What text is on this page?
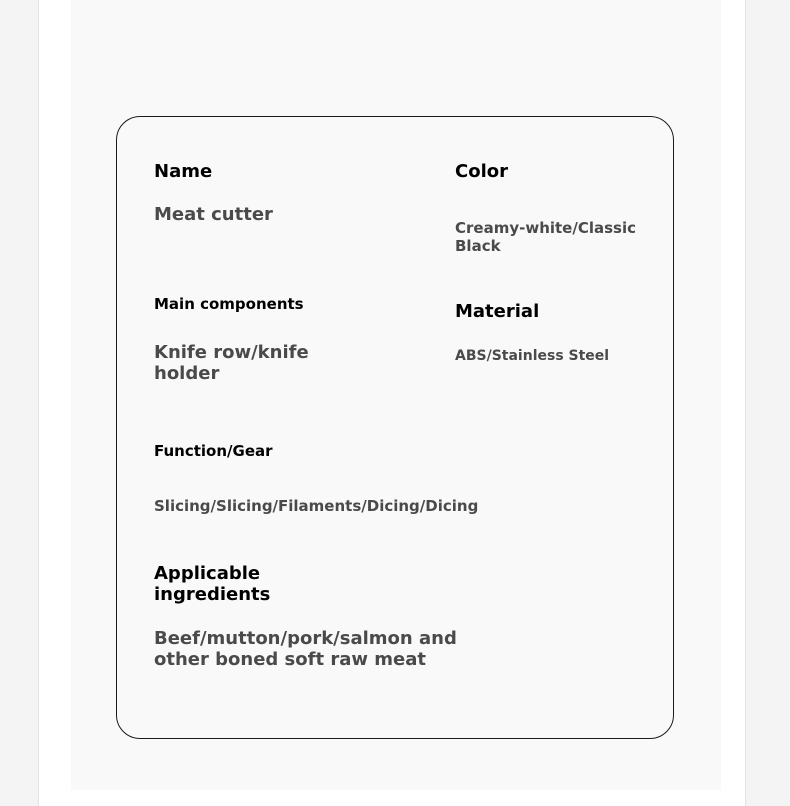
Name
Meat cutter
Color
Creamy-white/Classic Black
Main components
Knife row/knife
holder
Material
ABS/Stainless Steel
Function/Gear
Slicing/Slicing/Filaments/Dicing/Dicing
Applicable
ingredients
Beef/mutton/pork/salmon and
other boned soft raw meat
